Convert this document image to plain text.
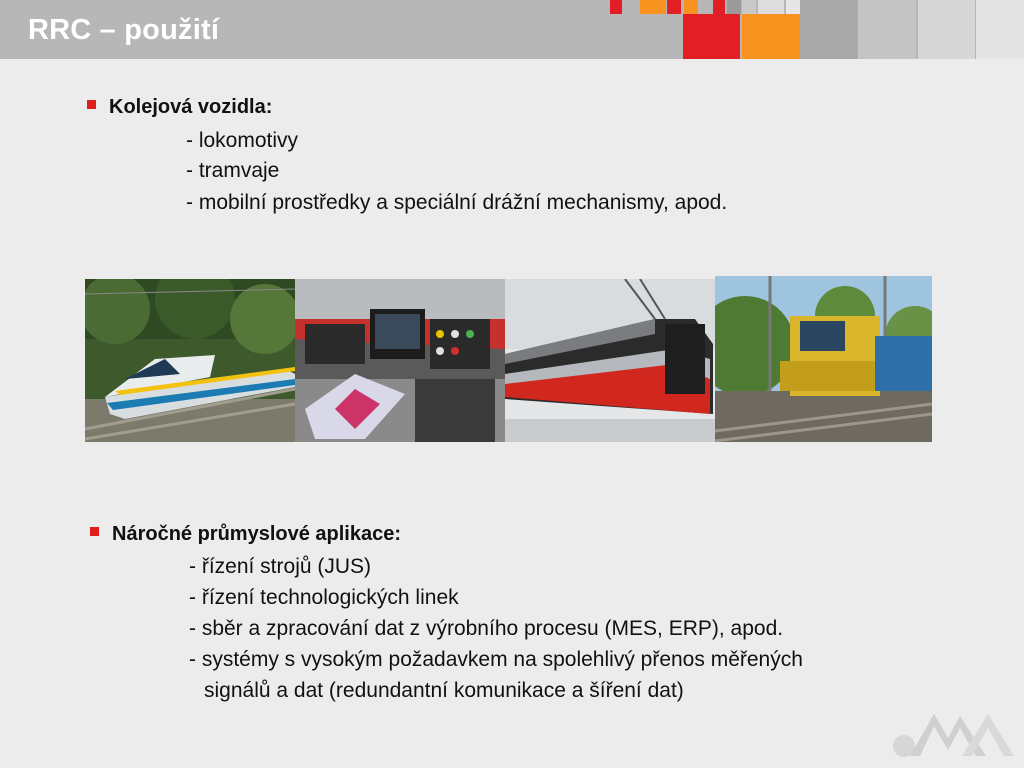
RRC – použití
Kolejová vozidla:
- lokomotivy
- tramvaje
- mobilní prostředky a speciální drážní mechanismy, apod.
Náročné průmyslové aplikace:
- řízení strojů (JUS)
- řízení technologických linek
- sběr a zpracování dat z výrobního procesu (MES, ERP), apod.
- systémy s vysokým požadavkem na spolehlivý přenos měřených
signálů a dat (redundantní komunikace a šíření dat)
